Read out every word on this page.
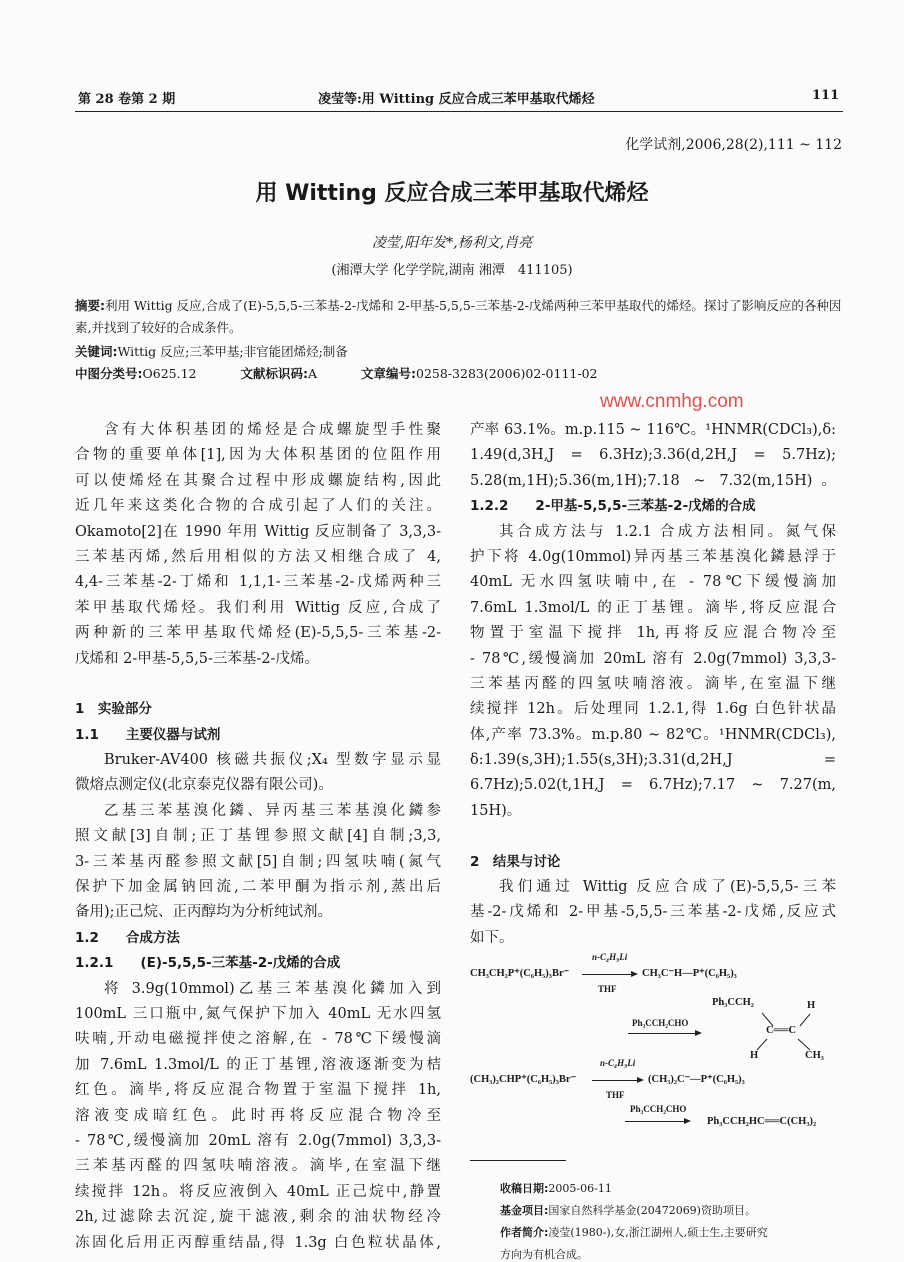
第 28 卷第 2 期	凌莹等:用 Witting 反应合成三苯甲基取代烯烃	111
化学试剂,2006,28(2),111 ~ 112
用 Witting 反应合成三苯甲基取代烯烃
凌莹,阳年发*,杨利文,肖亮
(湘潭大学 化学学院,湖南 湘潭　411105)
摘要:利用 Wittig 反应,合成了(E)-5,5,5-三苯基-2-戊烯和 2-甲基-5,5,5-三苯基-2-戊烯两种三苯甲基取代的烯烃。探讨了影响反应的各种因素,并找到了较好的合成条件。
关键词:Wittig 反应;三苯甲基;非官能团烯烃;制备
中图分类号:O625.12	文献标识码:A	文章编号:0258-3283(2006)02-0111-02
www.cnmhg.com
含有大体积基团的烯烃是合成螺旋型手性聚
合物的重要单体[1],因为大体积基团的位阻作用
可以使烯烃在其聚合过程中形成螺旋结构,因此
近几年来这类化合物的合成引起了人们的关注。
Okamoto[2]在 1990 年用 Wittig 反应制备了 3,3,3-
三苯基丙烯,然后用相似的方法又相继合成了 4,
4,4-三苯基-2-丁烯和 1,1,1-三苯基-2-戊烯两种三
苯甲基取代烯烃。我们利用 Wittig 反应,合成了
两种新的三苯甲基取代烯烃(E)-5,5,5-三苯基-2-
戊烯和 2-甲基-5,5,5-三苯基-2-戊烯。
1　实验部分
1.1　　主要仪器与试剂
Bruker-AV400 核磁共振仪;X₄ 型数字显示显
微熔点测定仪(北京泰克仪器有限公司)。
乙基三苯基溴化鏻、异丙基三苯基溴化鏻参
照文献[3]自制;正丁基锂参照文献[4]自制;3,3,
3-三苯基丙醛参照文献[5]自制;四氢呋喃(氮气
保护下加金属钠回流,二苯甲酮为指示剂,蒸出后
备用);正己烷、正丙醇均为分析纯试剂。
1.2　　合成方法
1.2.1　　(E)-5,5,5-三苯基-2-戊烯的合成
将 3.9g(10mmol)乙基三苯基溴化鏻加入到
100mL 三口瓶中,氮气保护下加入 40mL 无水四氢
呋喃,开动电磁搅拌使之溶解,在 - 78℃下缓慢滴
加 7.6mL 1.3mol/L 的正丁基锂,溶液逐渐变为桔
红色。滴毕,将反应混合物置于室温下搅拌 1h,
溶液变成暗红色。此时再将反应混合物冷至
- 78℃,缓慢滴加 20mL 溶有 2.0g(7mmol) 3,3,3-
三苯基丙醛的四氢呋喃溶液。滴毕,在室温下继
续搅拌 12h。将反应液倒入 40mL 正己烷中,静置
2h,过滤除去沉淀,旋干滤液,剩余的油状物经冷
冻固化后用正丙醇重结晶,得 1.3g 白色粒状晶体,
产率 63.1%。m.p.115 ~ 116℃。¹HNMR(CDCl₃),δ:
1.49(d,3H,J = 6.3Hz);3.36(d,2H,J = 5.7Hz);
5.28(m,1H);5.36(m,1H);7.18 ~ 7.32(m,15H)。
1.2.2　　2-甲基-5,5,5-三苯基-2-戊烯的合成
其合成方法与 1.2.1 合成方法相同。氮气保
护下将 4.0g(10mmol)异丙基三苯基溴化鏻悬浮于
40mL 无水四氢呋喃中,在 - 78℃下缓慢滴加
7.6mL 1.3mol/L 的正丁基锂。滴毕,将反应混合
物置于室温下搅拌 1h,再将反应混合物冷至
- 78℃,缓慢滴加 20mL 溶有 2.0g(7mmol) 3,3,3-
三苯基丙醛的四氢呋喃溶液。滴毕,在室温下继
续搅拌 12h。后处理同 1.2.1,得 1.6g 白色针状晶
体,产率 73.3%。m.p.80 ~ 82℃。¹HNMR(CDCl₃),
δ:1.39(s,3H);1.55(s,3H);3.31(d,2H,J =
6.7Hz);5.02(t,1H,J = 6.7Hz);7.17 ~ 7.27(m,
15H)。
2　结果与讨论
我们通过 Wittig 反应合成了(E)-5,5,5-三苯
基-2-戊烯和 2-甲基-5,5,5-三苯基-2-戊烯,反应式
如下。
CH₃CH₂P⁺(C₆H₅)₃Br⁻
n-C₄H₉Li
THF
CH₃C⁻H—P⁺(C₆H₅)₃
Ph₃CCH₂CHO
Ph₃CCH₂	H
C══C
H	CH₃
(CH₃)₂CHP⁺(C₆H₅)₃Br⁻
n-C₄H₉Li
THF
(CH₃)₂C⁻—P⁺(C₆H₅)₃
Ph₃CCH₂CHO
→ Ph₃CCH₂HC══C(CH₃)₂
收稿日期:2005-06-11
基金项目:国家自然科学基金(20472069)资助项目。
作者简介:凌莹(1980-),女,浙江湖州人,硕士生,主要研究
方向为有机合成。
